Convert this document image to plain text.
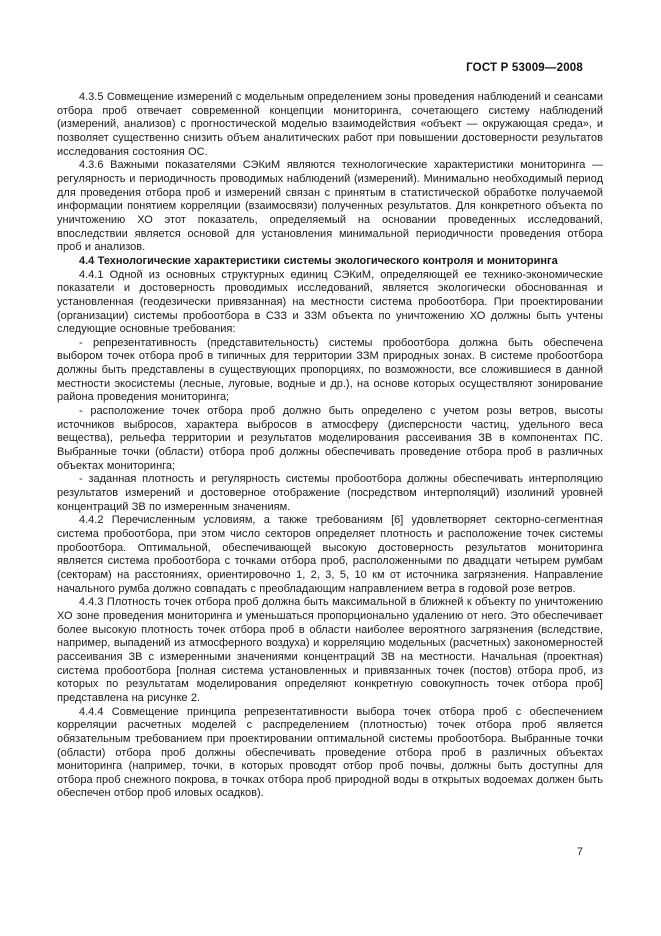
ГОСТ Р 53009—2008

4.3.5 Совмещение измерений с модельным определением зоны проведения наблюдений и сеансами отбора проб отвечает современной концепции мониторинга, сочетающего систему наблюдений (измерений, анализов) с прогностической моделью взаимодействия «объект — окружающая среда», и позволяет существенно снизить объем аналитических работ при повышении достоверности результатов исследования состояния ОС.

4.3.6 Важными показателями СЭКиМ являются технологические характеристики мониторинга — регулярность и периодичность проводимых наблюдений (измерений). Минимально необходимый период для проведения отбора проб и измерений связан с принятым в статистической обработке получаемой информации понятием корреляции (взаимосвязи) полученных результатов. Для конкретного объекта по уничтожению ХО этот показатель, определяемый на основании проведенных исследований, впоследствии является основой для установления минимальной периодичности проведения отбора проб и анализов.

4.4 Технологические характеристики системы экологического контроля и мониторинга

4.4.1 Одной из основных структурных единиц СЭКиМ, определяющей ее технико-экономические показатели и достоверность проводимых исследований, является экологически обоснованная и установленная (геодезически привязанная) на местности система пробоотбора. При проектировании (организации) системы пробоотбора в СЗЗ и ЗЗМ объекта по уничтожению ХО должны быть учтены следующие основные требования:

- репрезентативность (представительность) системы пробоотбора должна быть обеспечена выбором точек отбора проб в типичных для территории ЗЗМ природных зонах. В системе пробоотбора должны быть представлены в существующих пропорциях, по возможности, все сложившиеся в данной местности экосистемы (лесные, луговые, водные и др.), на основе которых осуществляют зонирование района проведения мониторинга;

- расположение точек отбора проб должно быть определено с учетом розы ветров, высоты источников выбросов, характера выбросов в атмосферу (дисперсности частиц, удельного веса вещества), рельефа территории и результатов моделирования рассеивания ЗВ в компонентах ПС. Выбранные точки (области) отбора проб должны обеспечивать проведение отбора проб в различных объектах мониторинга;

- заданная плотность и регулярность системы пробоотбора должны обеспечивать интерполяцию результатов измерений и достоверное отображение (посредством интерполяций) изолиний уровней концентраций ЗВ по измеренным значениям.

4.4.2 Перечисленным условиям, а также требованиям [6] удовлетворяет секторно-сегментная система пробоотбора, при этом число секторов определяет плотность и расположение точек системы пробоотбора. Оптимальной, обеспечивающей высокую достоверность результатов мониторинга является система пробоотбора с точками отбора проб, расположенными по двадцати четырем румбам (секторам) на расстояниях, ориентировочно 1, 2, 3, 5, 10 км от источника загрязнения. Направление начального румба должно совпадать с преобладающим направлением ветра в годовой розе ветров.

4.4.3 Плотность точек отбора проб должна быть максимальной в ближней к объекту по уничтожению ХО зоне проведения мониторинга и уменьшаться пропорционально удалению от него. Это обеспечивает более высокую плотность точек отбора проб в области наиболее вероятного загрязнения (вследствие, например, выпадений из атмосферного воздуха) и корреляцию модельных (расчетных) закономерностей рассеивания ЗВ с измеренными значениями концентраций ЗВ на местности. Начальная (проектная) система пробоотбора [полная система установленных и привязанных точек (постов) отбора проб, из которых по результатам моделирования определяют конкретную совокупность точек отбора проб] представлена на рисунке 2.

4.4.4 Совмещение принципа репрезентативности выбора точек отбора проб с обеспечением корреляции расчетных моделей с распределением (плотностью) точек отбора проб является обязательным требованием при проектировании оптимальной системы пробоотбора. Выбранные точки (области) отбора проб должны обеспечивать проведение отбора проб в различных объектах мониторинга (например, точки, в которых проводят отбор проб почвы, должны быть доступны для отбора проб снежного покрова, в точках отбора проб природной воды в открытых водоемах должен быть обеспечен отбор проб иловых осадков).

7
